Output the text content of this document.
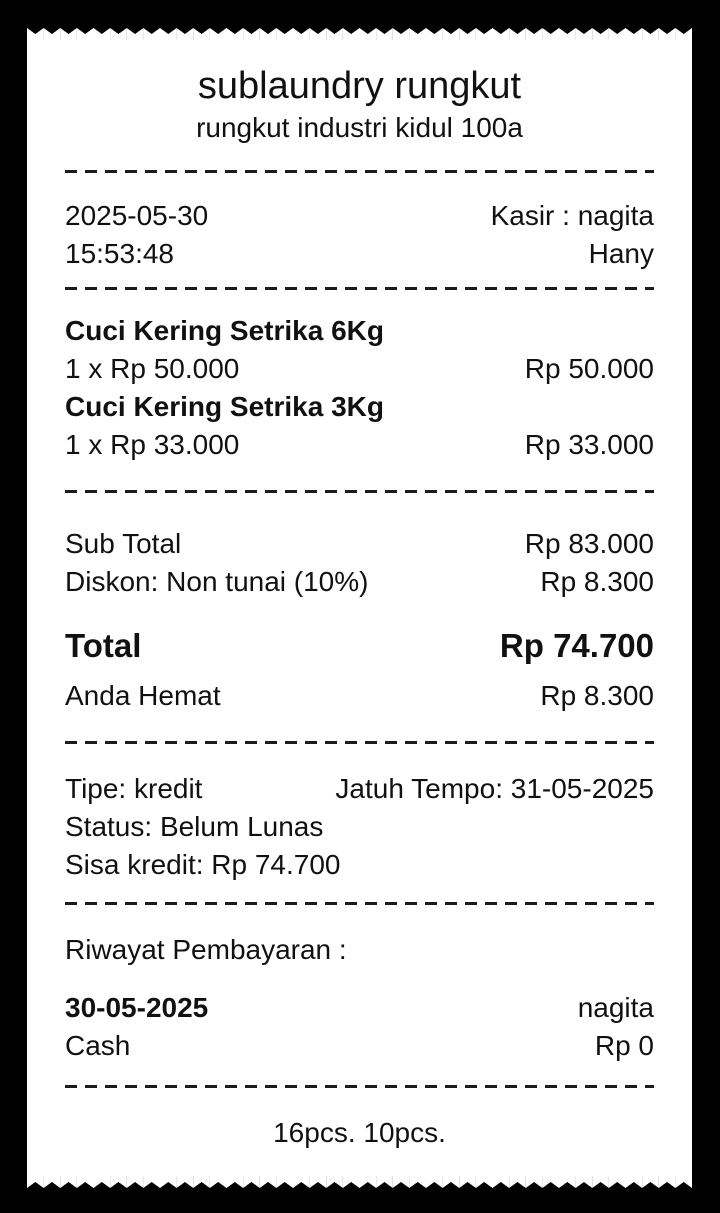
sublaundry rungkut
rungkut industri kidul 100a
2025-05-30	Kasir : nagita
15:53:48	Hany
Cuci Kering Setrika 6Kg
1 x Rp 50.000	Rp 50.000
Cuci Kering Setrika 3Kg
1 x Rp 33.000	Rp 33.000
Sub Total	Rp 83.000
Diskon: Non tunai (10%)	Rp 8.300
Total	Rp 74.700
Anda Hemat	Rp 8.300
Tipe: kredit	Jatuh Tempo: 31-05-2025
Status: Belum Lunas
Sisa kredit: Rp 74.700
Riwayat Pembayaran :
30-05-2025	nagita
Cash	Rp 0
16pcs. 10pcs.
